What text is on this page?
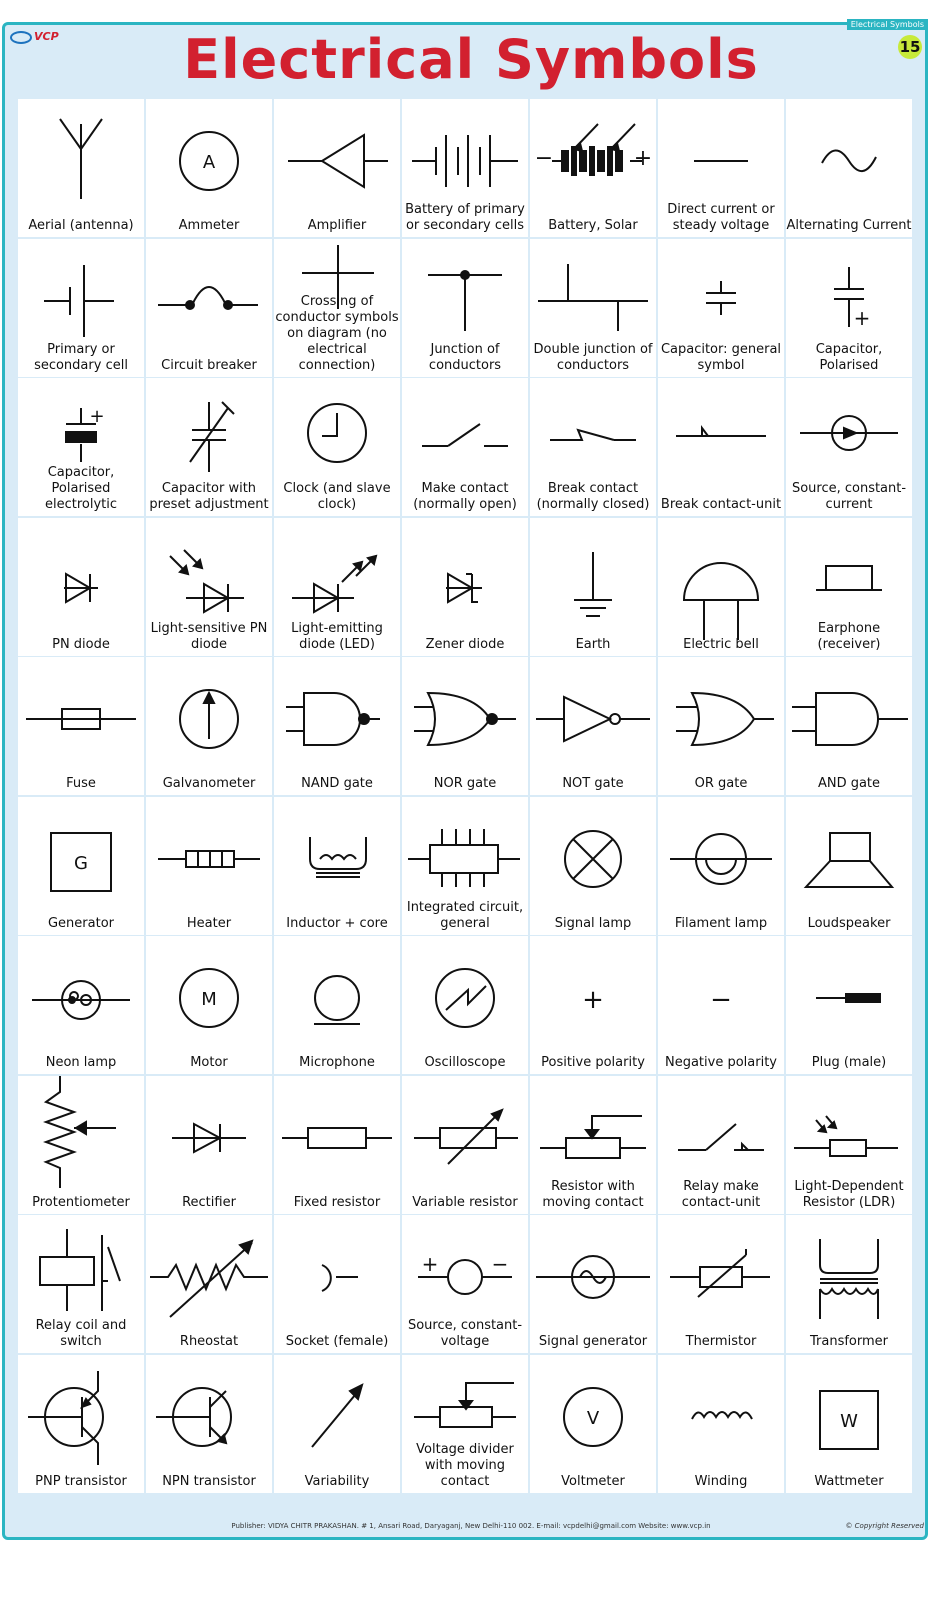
VCP
Electrical Symbols
15
Electrical Symbols
Aerial (antenna)
A
Ammeter	Amplifier
Battery of primary or secondary cells
−	+
Battery, Solar
Direct current or steady voltage	Alternating Current
Primary or secondary cell	Circuit breaker
Crossing of conductor symbols on diagram (no electrical connection)
Junction of conductors
Double junction of conductors
Capacitor: general symbol
+
Capacitor, Polarised
+
Capacitor, Polarised electrolytic
Capacitor with preset adjustment
Clock (and slave clock)
Make contact (normally open)
Break contact (normally closed) Break contact-unit
Source, constant-current
PN diode
Light-sensitive PN diode
Light-emitting diode (LED)	Zener diode	Earth	Electric bell
Earphone (receiver)
Fuse	Galvanometer	NAND gate	NOR gate	NOT gate	OR gate	AND gate
G
Generator	Heater	Inductor + core
Integrated circuit, general	Signal lamp	Filament lamp	Loudspeaker
Neon lamp
M
Motor	Microphone	Oscilloscope
+
Positive polarity
−
Negative polarity	Plug (male)
Protentiometer	Rectifier	Fixed resistor	Variable resistor
Resistor with moving contact
Relay make contact-unit
Light-Dependent Resistor (LDR)
Relay coil and switch	Rheostat	Socket (female)
+	−
Source, constant-voltage	Signal generator	Thermistor	Transformer
PNP transistor	NPN transistor	Variability
Voltage divider with moving contact
V
Voltmeter	Winding
W
Wattmeter
Publisher: VIDYA CHITR PRAKASHAN. # 1, Ansari Road, Daryaganj, New Delhi-110 002. E-mail: vcpdelhi@gmail.com Website: www.vcp.in	© Copyright Reserved
